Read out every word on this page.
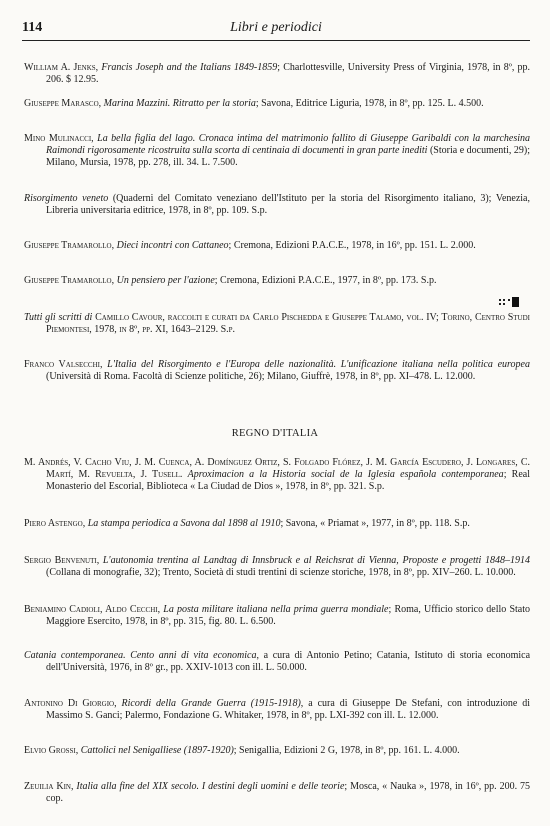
114	Libri e periodici
William A. Jenks, Francis Joseph and the Italians 1849-1859; Charlottesville, University Press of Virginia, 1978, in 8º, pp. 206. $ 12.95.
Giuseppe Marasco, Marina Mazzini. Ritratto per la storia; Savona, Editrice Liguria, 1978, in 8º, pp. 125. L. 4.500.
Mino Mulinacci, La bella figlia del lago. Cronaca intima del matrimonio fallito di Giuseppe Garibaldi con la marchesina Raimondi rigorosamente ricostruita sulla scorta di centinaia di documenti in gran parte inediti (Storia e documenti, 29); Milano, Mursia, 1978, pp. 278, ill. 34. L. 7.500.
Risorgimento veneto (Quaderni del Comitato veneziano dell'Istituto per la storia del Risorgimento italiano, 3); Venezia, Libreria universitaria editrice, 1978, in 8º, pp. 109. S.p.
Giuseppe Tramarollo, Dieci incontri con Cattaneo; Cremona, Edizioni P.A.C.E., 1978, in 16º, pp. 151. L. 2.000.
Giuseppe Tramarollo, Un pensiero per l'azione; Cremona, Edizioni P.A.C.E., 1977, in 8º, pp. 173. S.p.
Tutti gli scritti di Camillo Cavour, raccolti e curati da Carlo Pischedda e Giuseppe Talamo, vol. IV; Torino, Centro Studi Piemontesi, 1978, in 8º, pp. XI, 1643–2129. S.p.
Franco Valsecchi, L'Italia del Risorgimento e l'Europa delle nazionalità. L'unificazione italiana nella politica europea (Università di Roma. Facoltà di Scienze politiche, 26); Milano, Giuffrè, 1978, in 8º, pp. XI–478. L. 12.000.
REGNO D'ITALIA
M. Andrés, V. Cacho Viu, J. M. Cuenca, A. Domínguez Ortiz, S. Folgado Flórez, J. M. García Escudero, J. Longares, C. Martí, M. Revuelta, J. Tusell. Aproximacion a la Historia social de la Iglesia española contemporanea; Real Monasterio del Escorial, Biblioteca « La Ciudad de Dios », 1978, in 8º, pp. 321. S.p.
Piero Astengo, La stampa periodica a Savona dal 1898 al 1910; Savona, « Priamat », 1977, in 8º, pp. 118. S.p.
Sergio Benvenuti, L'autonomia trentina al Landtag di Innsbruck e al Reichsrat di Vienna, Proposte e progetti 1848–1914 (Collana di monografie, 32); Trento, Società di studi trentini di scienze storiche, 1978, in 8º, pp. XIV–260. L. 10.000.
Beniamino Cadioli, Aldo Cecchi, La posta militare italiana nella prima guerra mondiale; Roma, Ufficio storico dello Stato Maggiore Esercito, 1978, in 8º, pp. 315, fig. 80. L. 6.500.
Catania contemporanea. Cento anni di vita economica, a cura di Antonio Petino; Catania, Istituto di storia economica dell'Università, 1976, in 8º gr., pp. XXIV-1013 con ill. L. 50.000.
Antonino Di Giorgio, Ricordi della Grande Guerra (1915-1918), a cura di Giuseppe De Stefani, con introduzione di Massimo S. Ganci; Palermo, Fondazione G. Whitaker, 1978, in 8º, pp. LXI-392 con ill. L. 12.000.
Elvio Grossi, Cattolici nel Senigalliese (1897-1920); Senigallia, Edizioni 2 G, 1978, in 8º, pp. 161. L. 4.000.
Zeuilia Kin, Italia alla fine del XIX secolo. I destini degli uomini e delle teorie; Mosca, « Nauka », 1978, in 16º, pp. 200. 75 cop.
